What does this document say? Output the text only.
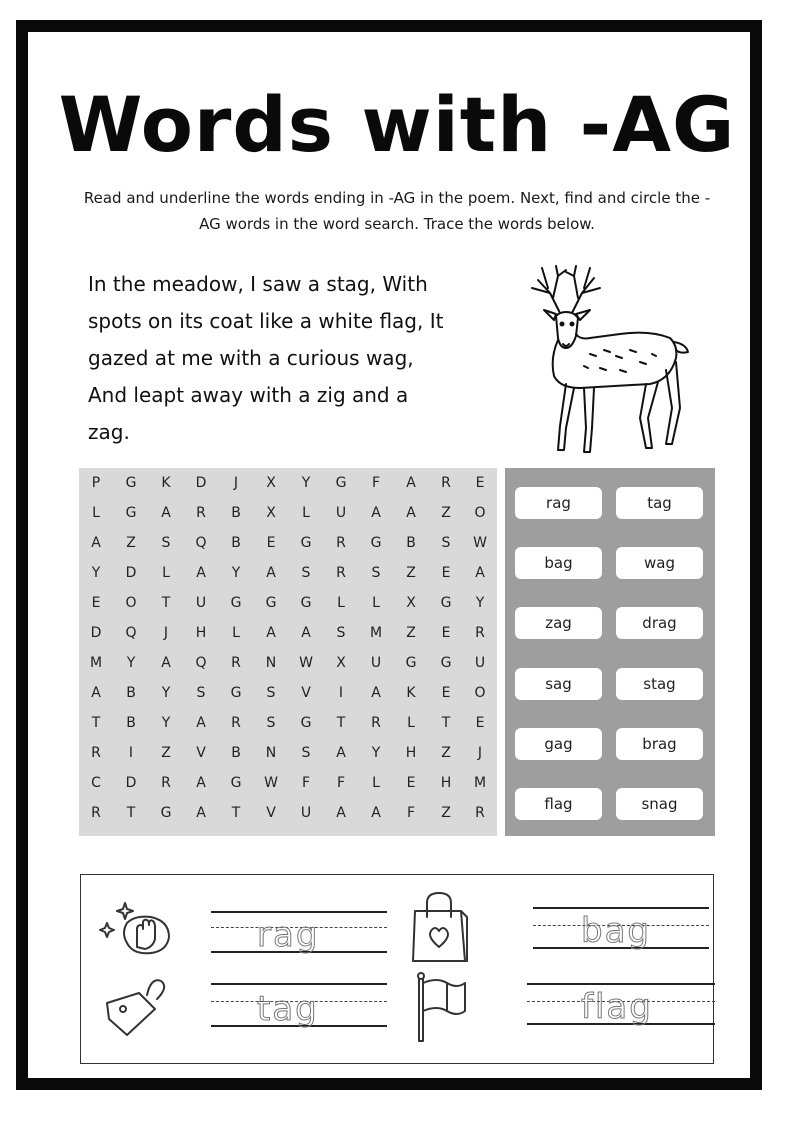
Words with -AG

Read and underline the words ending in -AG in the poem. Next, find and circle the -AG words in the word search. Trace the words below.

In the meadow, I saw a stag, With
spots on its coat like a white flag, It
gazed at me with a curious wag,
And leapt away with a zig and a
zag.
P	G	K	D	J	X	Y	G	F	A	R	E
L	G	A	R	B	X	L	U	A	A	Z	O
A	Z	S	Q	B	E	G	R	G	B	S	W
Y	D	L	A	Y	A	S	R	S	Z	E	A
E	O	T	U	G	G	G	L	L	X	G	Y
D	Q	J	H	L	A	A	S	M	Z	E	R
M	Y	A	Q	R	N	W	X	U	G	G	U
A	B	Y	S	G	S	V	I	A	K	E	O
T	B	Y	A	R	S	G	T	R	L	T	E
R	I	Z	V	B	N	S	A	Y	H	Z	J
C	D	R	A	G	W	F	F	L	E	H	M
R	T	G	A	T	V	U	A	A	F	Z	R
rag	tag
bag	wag
zag	drag
sag	stag
gag	brag
flag	snag
rag
tag
bag
flag
